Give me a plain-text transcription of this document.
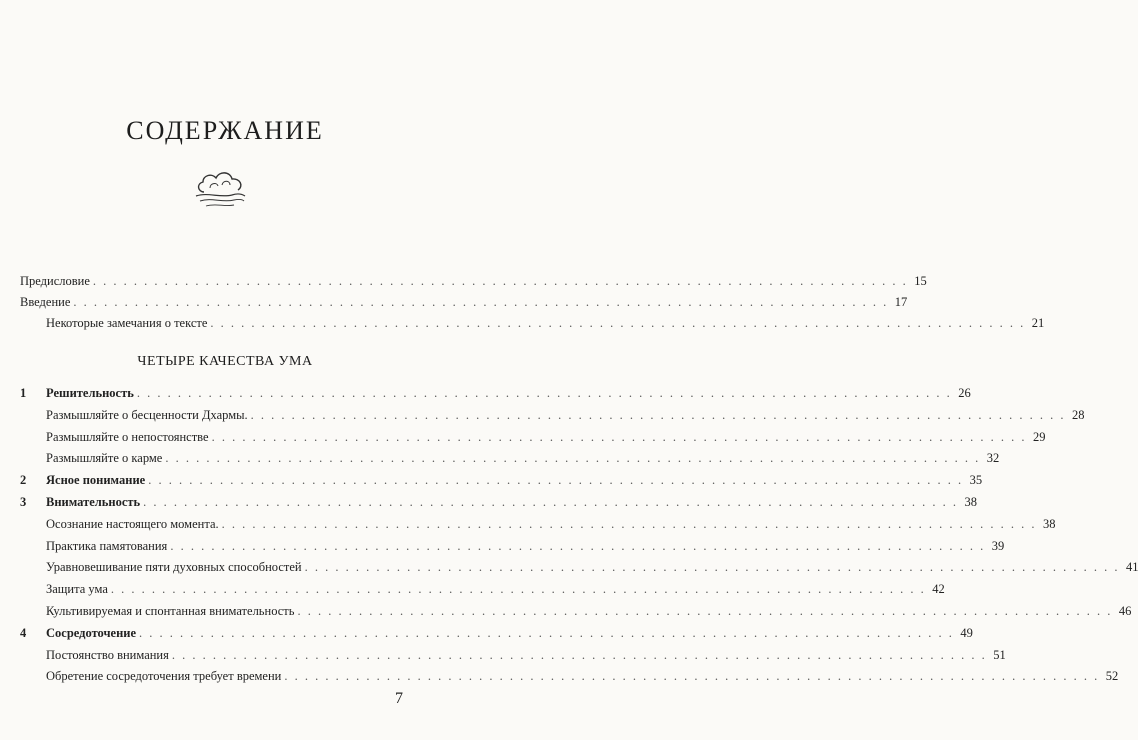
СОДЕРЖАНИЕ
Предисловие . . . . . . . . . . . . . . . . . . . . . . . . . . . . . . . . . . . . . . . . . . . . . . . . . . . . . . . . . . . . . . . . . . . . . . . . . . . . . . . . 15
Введение . . . . . . . . . . . . . . . . . . . . . . . . . . . . . . . . . . . . . . . . . . . . . . . . . . . . . . . . . . . . . . . . . . . . . . . . . . . . . . . . 17
Некоторые замечания о тексте . . . . . . . . . . . . . . . . . . . . . . . . . . . . . . . . . . . . . . . . . . . . . . . . . . . . . . . . . . . . . . . . . . . . . . . . . . . . . . . . 21
ЧЕТЫРЕ КАЧЕСТВА УМА
1	Решительность . . . . . . . . . . . . . . . . . . . . . . . . . . . . . . . . . . . . . . . . . . . . . . . . . . . . . . . . . . . . . . . . . . . . . . . . . . . . . . . . 26
Размышляйте о бесценности Дхармы. . . . . . . . . . . . . . . . . . . . . . . . . . . . . . . . . . . . . . . . . . . . . . . . . . . . . . . . . . . . . . . . . . . . . . . . . . . . . . . . . 28
Размышляйте о непостоянстве . . . . . . . . . . . . . . . . . . . . . . . . . . . . . . . . . . . . . . . . . . . . . . . . . . . . . . . . . . . . . . . . . . . . . . . . . . . . . . . . 29
Размышляйте о карме . . . . . . . . . . . . . . . . . . . . . . . . . . . . . . . . . . . . . . . . . . . . . . . . . . . . . . . . . . . . . . . . . . . . . . . . . . . . . . . . 32
2	Ясное понимание . . . . . . . . . . . . . . . . . . . . . . . . . . . . . . . . . . . . . . . . . . . . . . . . . . . . . . . . . . . . . . . . . . . . . . . . . . . . . . . . 35
3	Внимательность . . . . . . . . . . . . . . . . . . . . . . . . . . . . . . . . . . . . . . . . . . . . . . . . . . . . . . . . . . . . . . . . . . . . . . . . . . . . . . . . 38
Осознание настоящего момента. . . . . . . . . . . . . . . . . . . . . . . . . . . . . . . . . . . . . . . . . . . . . . . . . . . . . . . . . . . . . . . . . . . . . . . . . . . . . . . . . 38
Практика памятования . . . . . . . . . . . . . . . . . . . . . . . . . . . . . . . . . . . . . . . . . . . . . . . . . . . . . . . . . . . . . . . . . . . . . . . . . . . . . . . . 39
Уравновешивание пяти духовных способностей . . . . . . . . . . . . . . . . . . . . . . . . . . . . . . . . . . . . . . . . . . . . . . . . . . . . . . . . . . . . . . . . . . . . . . . . . . . . . . . . 41
Защита ума . . . . . . . . . . . . . . . . . . . . . . . . . . . . . . . . . . . . . . . . . . . . . . . . . . . . . . . . . . . . . . . . . . . . . . . . . . . . . . . . 42
Культивируемая и спонтанная внимательность . . . . . . . . . . . . . . . . . . . . . . . . . . . . . . . . . . . . . . . . . . . . . . . . . . . . . . . . . . . . . . . . . . . . . . . . . . . . . . . . 46
4	Сосредоточение . . . . . . . . . . . . . . . . . . . . . . . . . . . . . . . . . . . . . . . . . . . . . . . . . . . . . . . . . . . . . . . . . . . . . . . . . . . . . . . . 49
Постоянство внимания . . . . . . . . . . . . . . . . . . . . . . . . . . . . . . . . . . . . . . . . . . . . . . . . . . . . . . . . . . . . . . . . . . . . . . . . . . . . . . . . 51
Обретение сосредоточения требует времени . . . . . . . . . . . . . . . . . . . . . . . . . . . . . . . . . . . . . . . . . . . . . . . . . . . . . . . . . . . . . . . . . . . . . . . . . . . . . . . . 52
7
